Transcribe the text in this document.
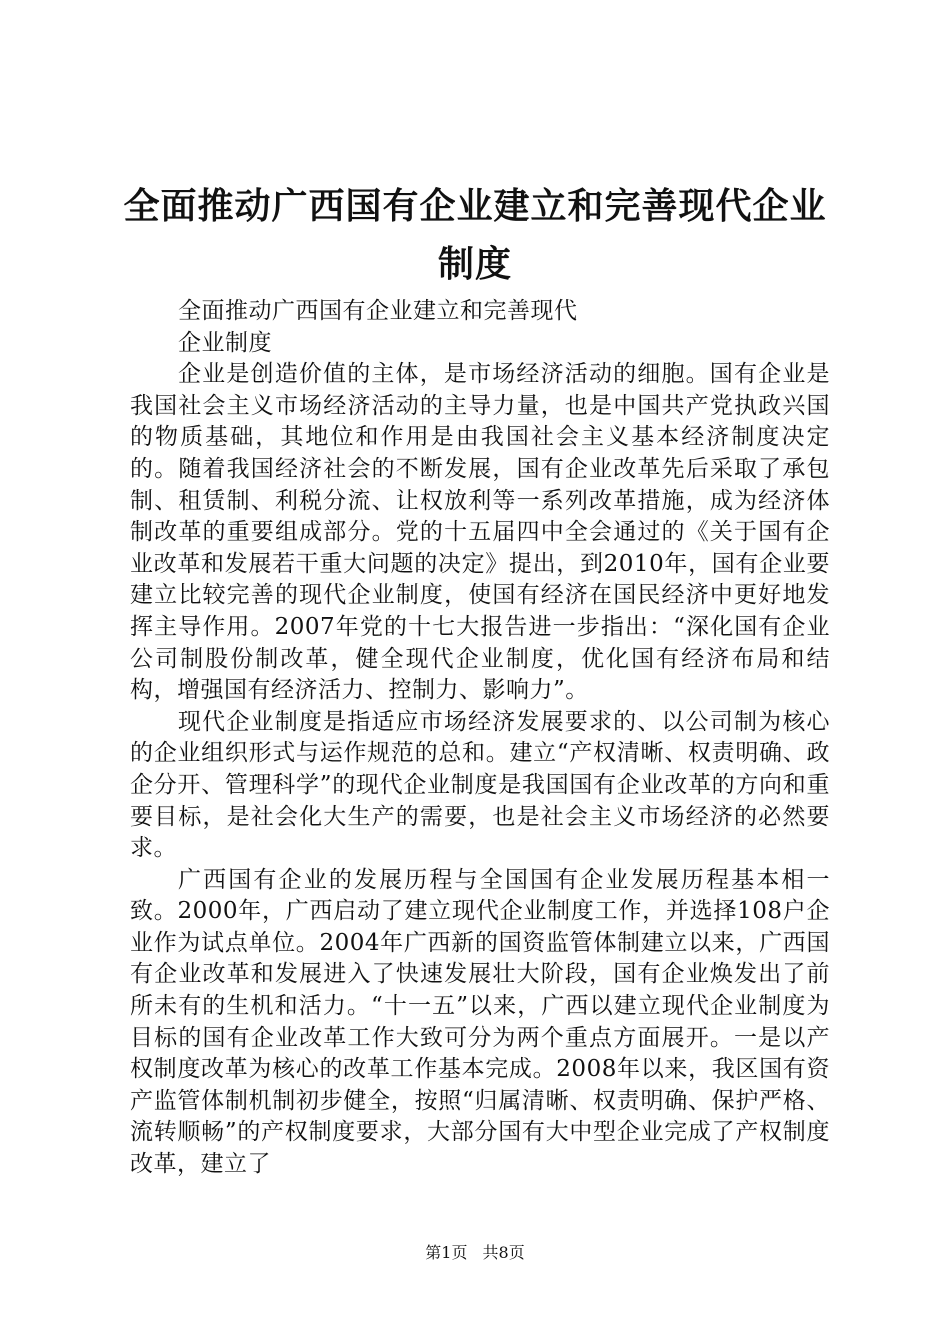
全面推动广西国有企业建立和完善现代企业制度
全面推动广西国有企业建立和完善现代
企业制度

企业是创造价值的主体，是市场经济活动的细胞。国有企业是我国社会主义市场经济活动的主导力量，也是中国共产党执政兴国的物质基础，其地位和作用是由我国社会主义基本经济制度决定的。随着我国经济社会的不断发展，国有企业改革先后采取了承包制、租赁制、利税分流、让权放利等一系列改革措施，成为经济体制改革的重要组成部分。党的十五届四中全会通过的《关于国有企业改革和发展若干重大问题的决定》提出，到2010年，国有企业要建立比较完善的现代企业制度，使国有经济在国民经济中更好地发挥主导作用。2007年党的十七大报告进一步指出：“深化国有企业公司制股份制改革，健全现代企业制度，优化国有经济布局和结构，增强国有经济活力、控制力、影响力”。

现代企业制度是指适应市场经济发展要求的、以公司制为核心的企业组织形式与运作规范的总和。建立“产权清晰、权责明确、政企分开、管理科学”的现代企业制度是我国国有企业改革的方向和重要目标，是社会化大生产的需要，也是社会主义市场经济的必然要求。

广西国有企业的发展历程与全国国有企业发展历程基本相一致。2000年，广西启动了建立现代企业制度工作，并选择108户企业作为试点单位。2004年广西新的国资监管体制建立以来，广西国有企业改革和发展进入了快速发展壮大阶段，国有企业焕发出了前所未有的生机和活力。“十一五”以来，广西以建立现代企业制度为目标的国有企业改革工作大致可分为两个重点方面展开。一是以产权制度改革为核心的改革工作基本完成。2008年以来，我区国有资产监管体制机制初步健全，按照“归属清晰、权责明确、保护严格、流转顺畅”的产权制度要求，大部分国有大中型企业完成了产权制度改革，建立了

第1页 共8页
